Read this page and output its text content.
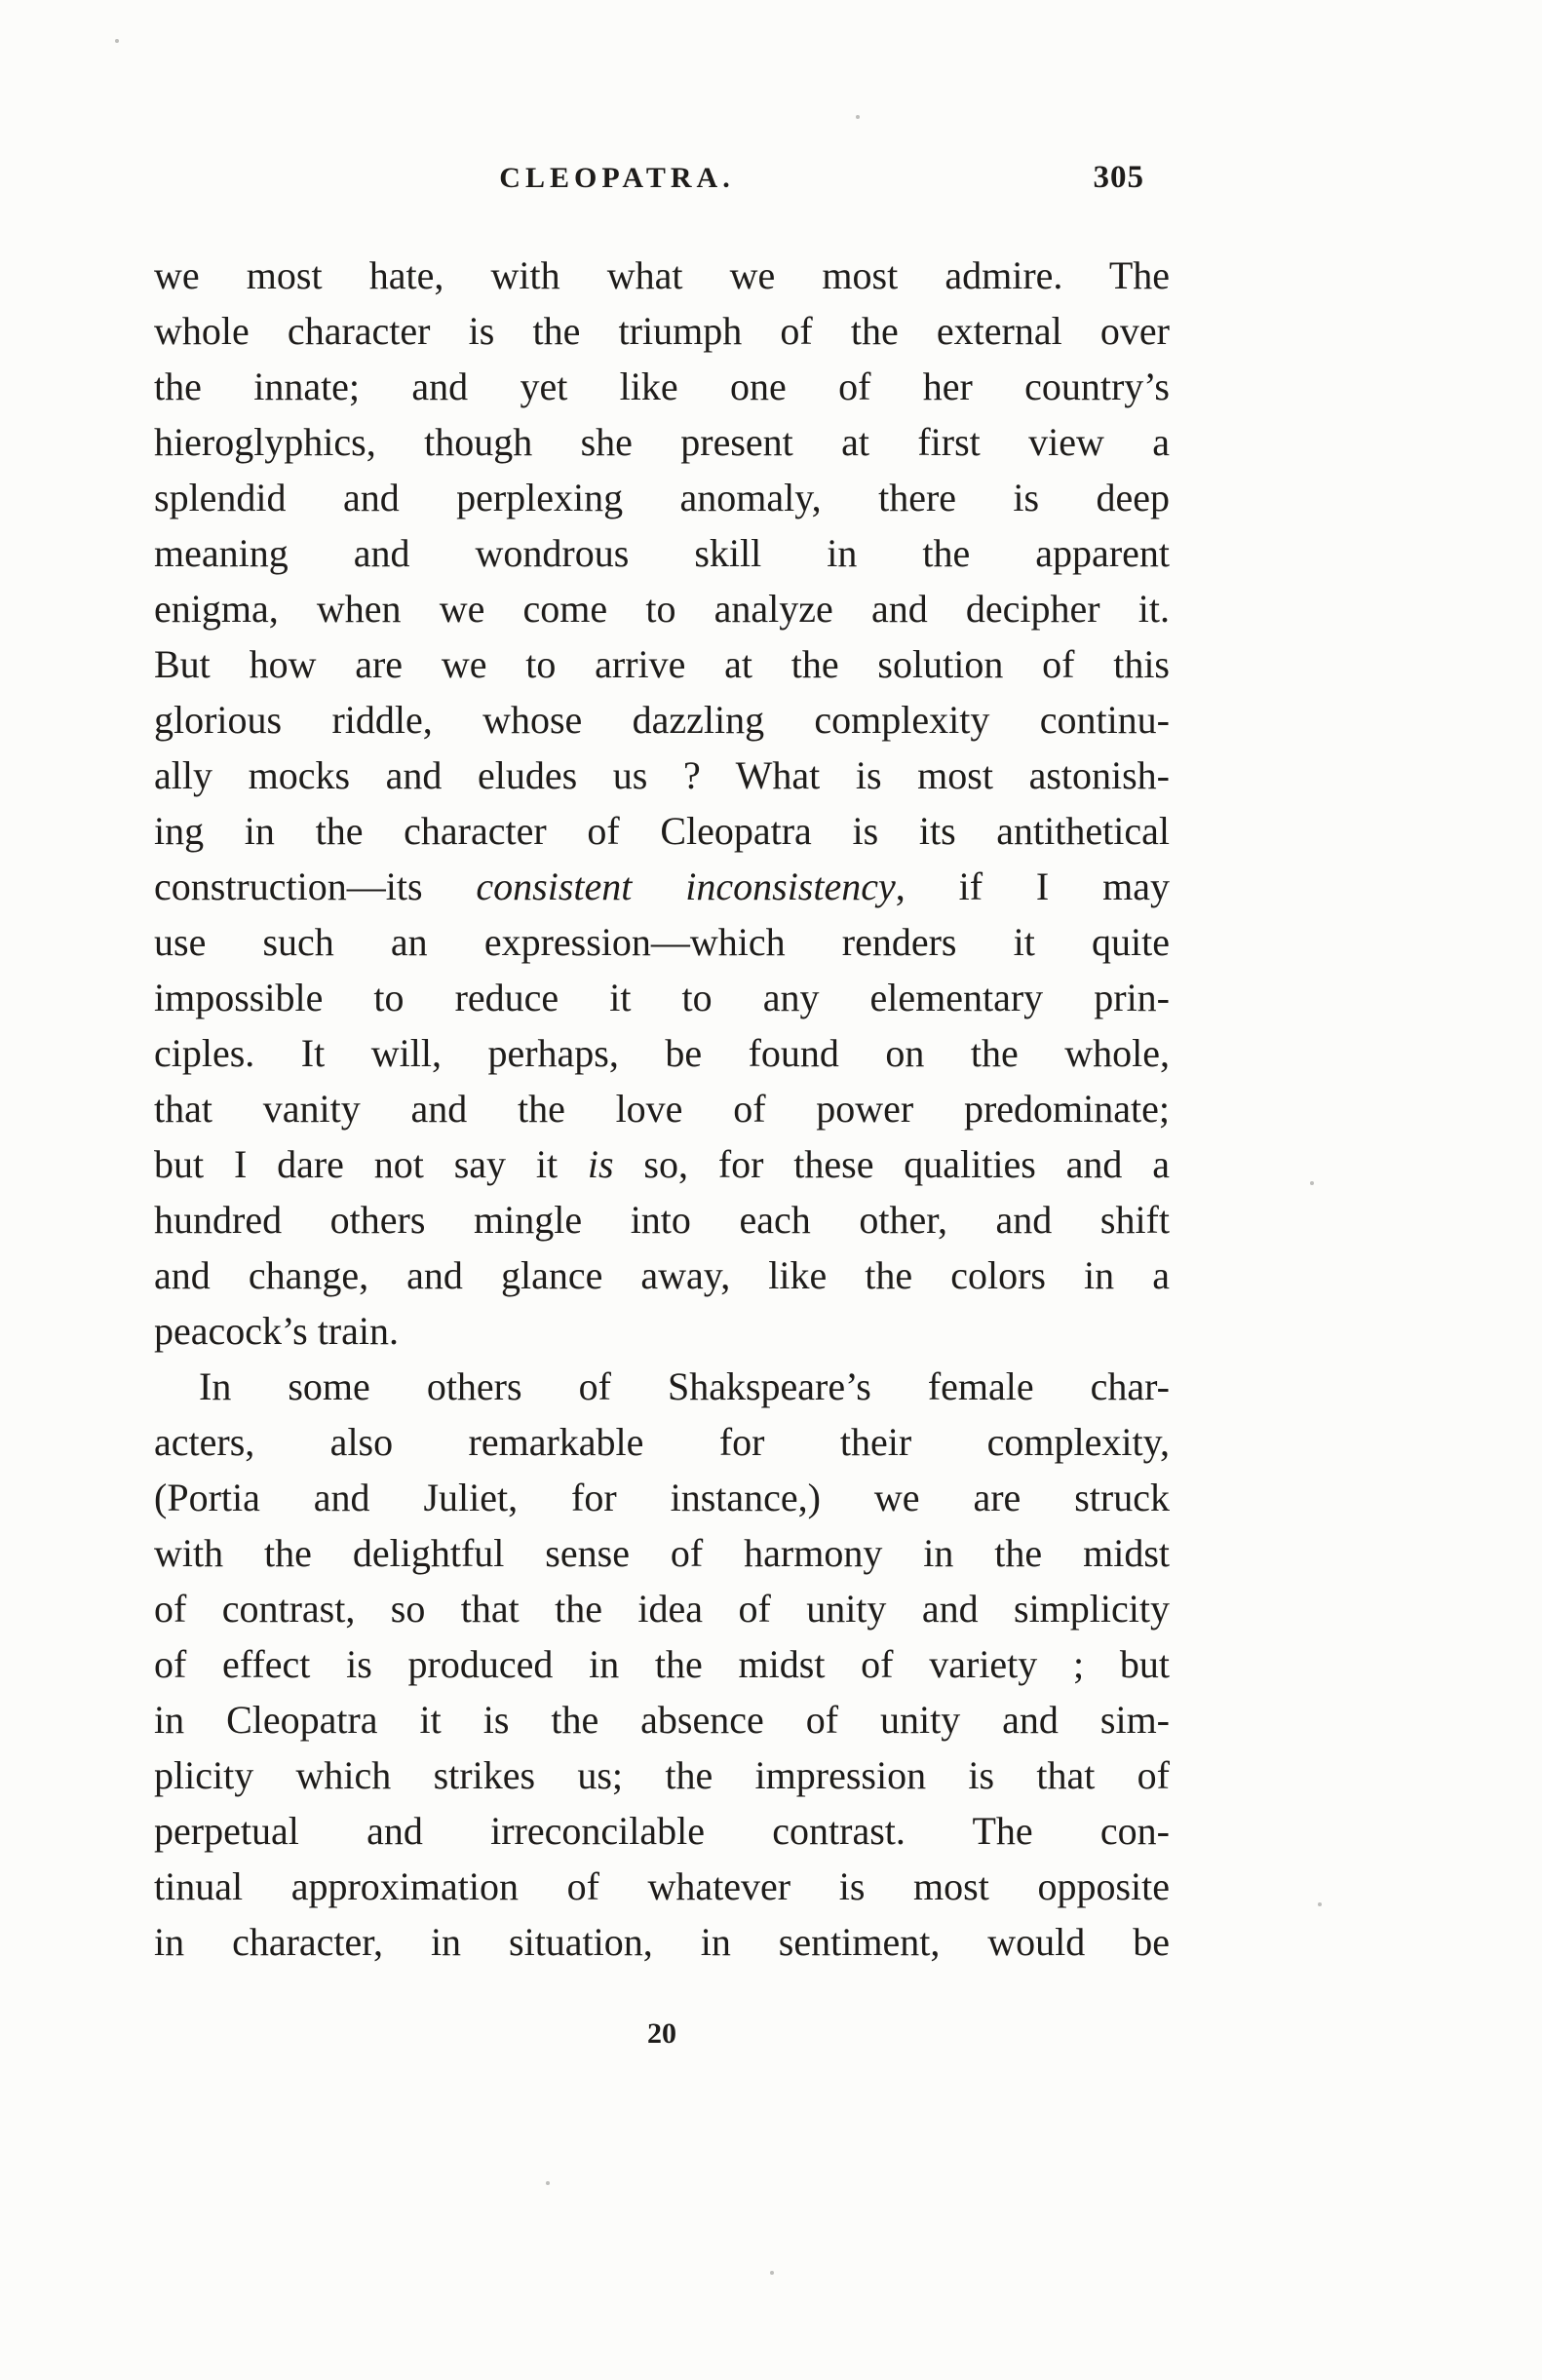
CLEOPATRA.	305
we most hate, with what we most admire. The
whole character is the triumph of the external over
the innate; and yet like one of her country’s
hieroglyphics, though she present at first view a
splendid and perplexing anomaly, there is deep
meaning and wondrous skill in the apparent
enigma, when we come to analyze and decipher it.
But how are we to arrive at the solution of this
glorious riddle, whose dazzling complexity continu-
ally mocks and eludes us ? What is most astonish-
ing in the character of Cleopatra is its antithetical
construction—its consistent inconsistency, if I may
use such an expression—which renders it quite
impossible to reduce it to any elementary prin-
ciples. It will, perhaps, be found on the whole,
that vanity and the love of power predominate;
but I dare not say it is so, for these qualities and a
hundred others mingle into each other, and shift
and change, and glance away, like the colors in a
peacock’s train.
In some others of Shakspeare’s female char-
acters, also remarkable for their complexity,
(Portia and Juliet, for instance,) we are struck
with the delightful sense of harmony in the midst
of contrast, so that the idea of unity and simplicity
of effect is produced in the midst of variety ; but
in Cleopatra it is the absence of unity and sim-
plicity which strikes us; the impression is that of
perpetual and irreconcilable contrast. The con-
tinual approximation of whatever is most opposite
in character, in situation, in sentiment, would be
20
